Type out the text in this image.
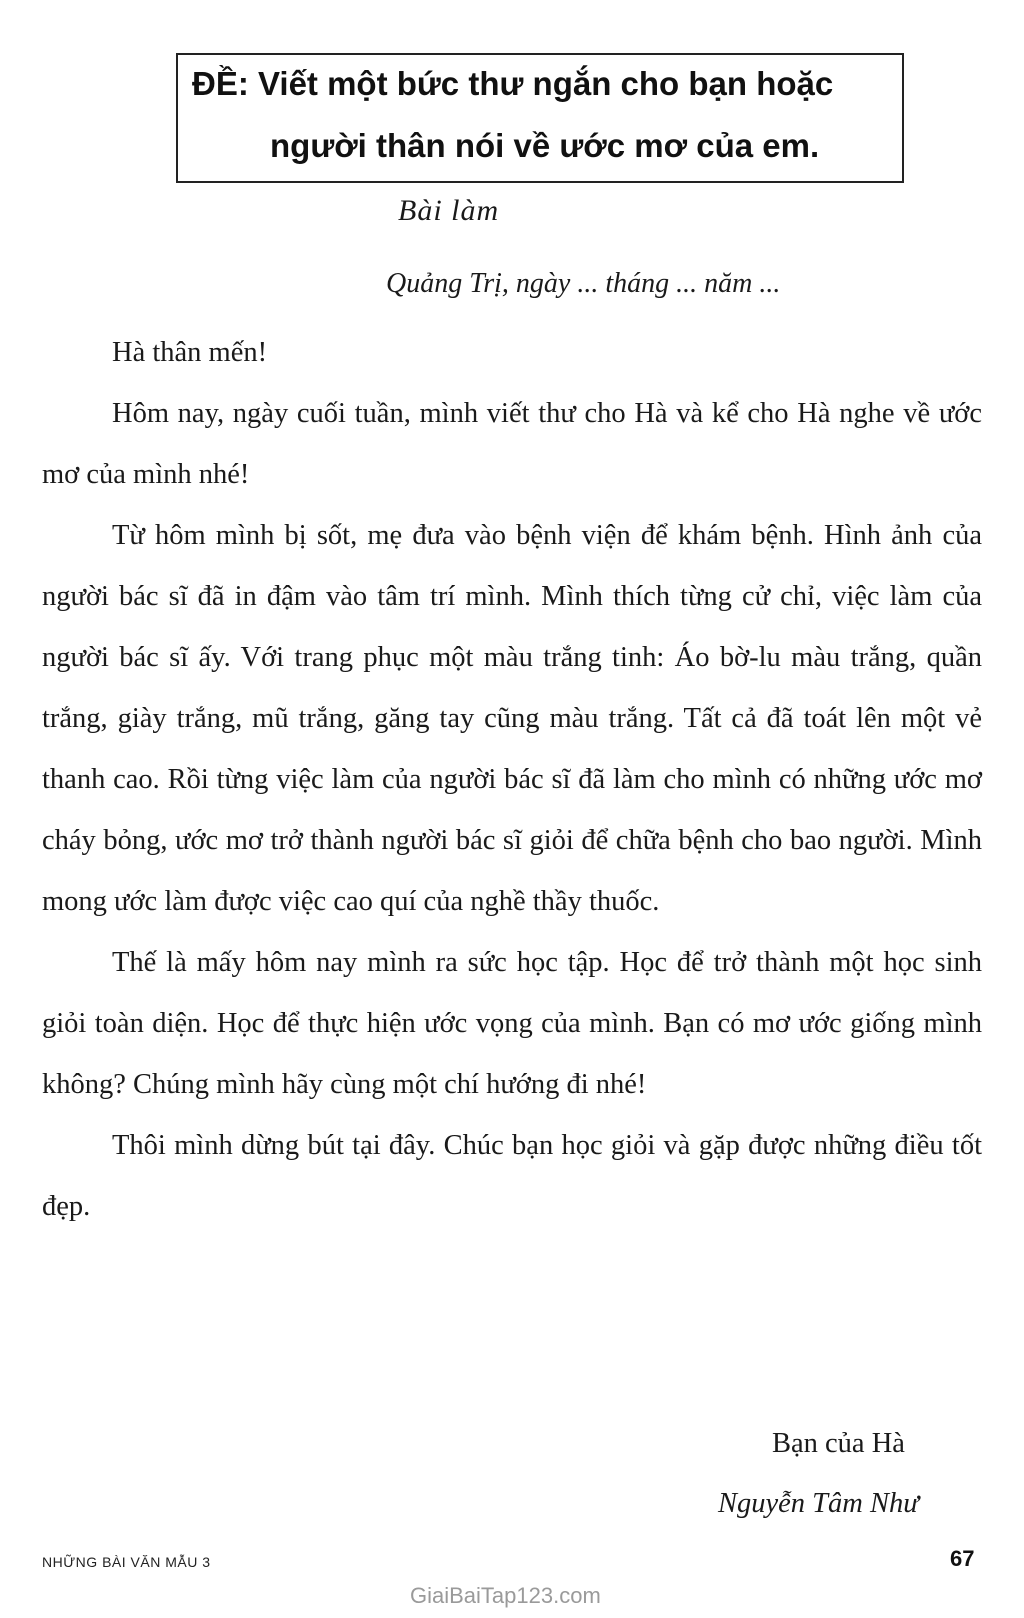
ĐỀ: Viết một bức thư ngắn cho bạn hoặc
người thân nói về ước mơ của em.
Bài làm
Quảng Trị, ngày ... tháng ... năm ...

Hà thân mến!

Hôm nay, ngày cuối tuần, mình viết thư cho Hà và kể cho Hà nghe về ước mơ của mình nhé!

Từ hôm mình bị sốt, mẹ đưa vào bệnh viện để khám bệnh. Hình ảnh của người bác sĩ đã in đậm vào tâm trí mình. Mình thích từng cử chỉ, việc làm của người bác sĩ ấy. Với trang phục một màu trắng tinh: Áo bờ-lu màu trắng, quần trắng, giày trắng, mũ trắng, găng tay cũng màu trắng. Tất cả đã toát lên một vẻ thanh cao. Rồi từng việc làm của người bác sĩ đã làm cho mình có những ước mơ cháy bỏng, ước mơ trở thành người bác sĩ giỏi để chữa bệnh cho bao người. Mình mong ước làm được việc cao quí của nghề thầy thuốc.

Thế là mấy hôm nay mình ra sức học tập. Học để trở thành một học sinh giỏi toàn diện. Học để thực hiện ước vọng của mình. Bạn có mơ ước giống mình không? Chúng mình hãy cùng một chí hướng đi nhé!

Thôi mình dừng bút tại đây. Chúc bạn học giỏi và gặp được những điều tốt đẹp.

Bạn của Hà
Nguyễn Tâm Như
NHỮNG BÀI VĂN MẪU 3	67
GiaiBaiTap123.com
